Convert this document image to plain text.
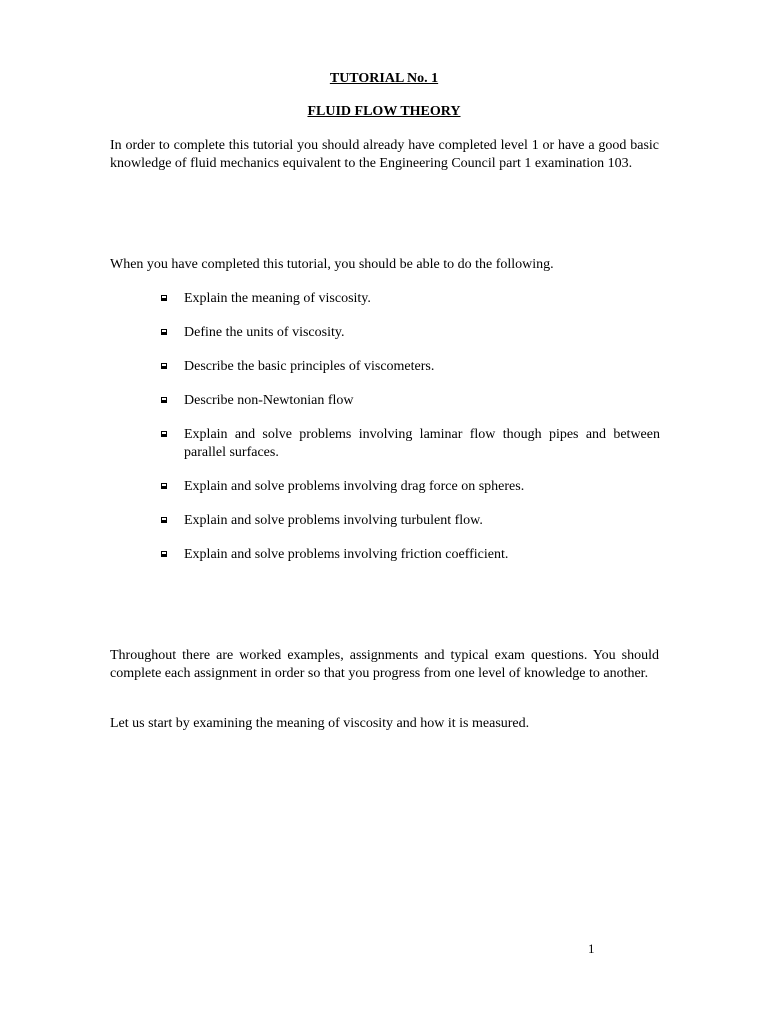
TUTORIAL No. 1
FLUID FLOW THEORY
In order to complete this tutorial you should already have completed level 1 or have a good basic knowledge of fluid mechanics equivalent to the Engineering Council part 1 examination 103.
When you have completed this tutorial, you should be able to do the following.
Explain the meaning of viscosity.
Define the units of viscosity.
Describe the basic principles of viscometers.
Describe non-Newtonian flow
Explain and solve problems involving laminar flow though pipes and between parallel surfaces.
Explain and solve problems involving drag force on spheres.
Explain and solve problems involving turbulent flow.
Explain and solve problems involving friction coefficient.
Throughout there are worked examples, assignments and typical exam questions. You should complete each assignment in order so that you progress from one level of knowledge to another.
Let us start by examining the meaning of viscosity and how it is measured.
1
